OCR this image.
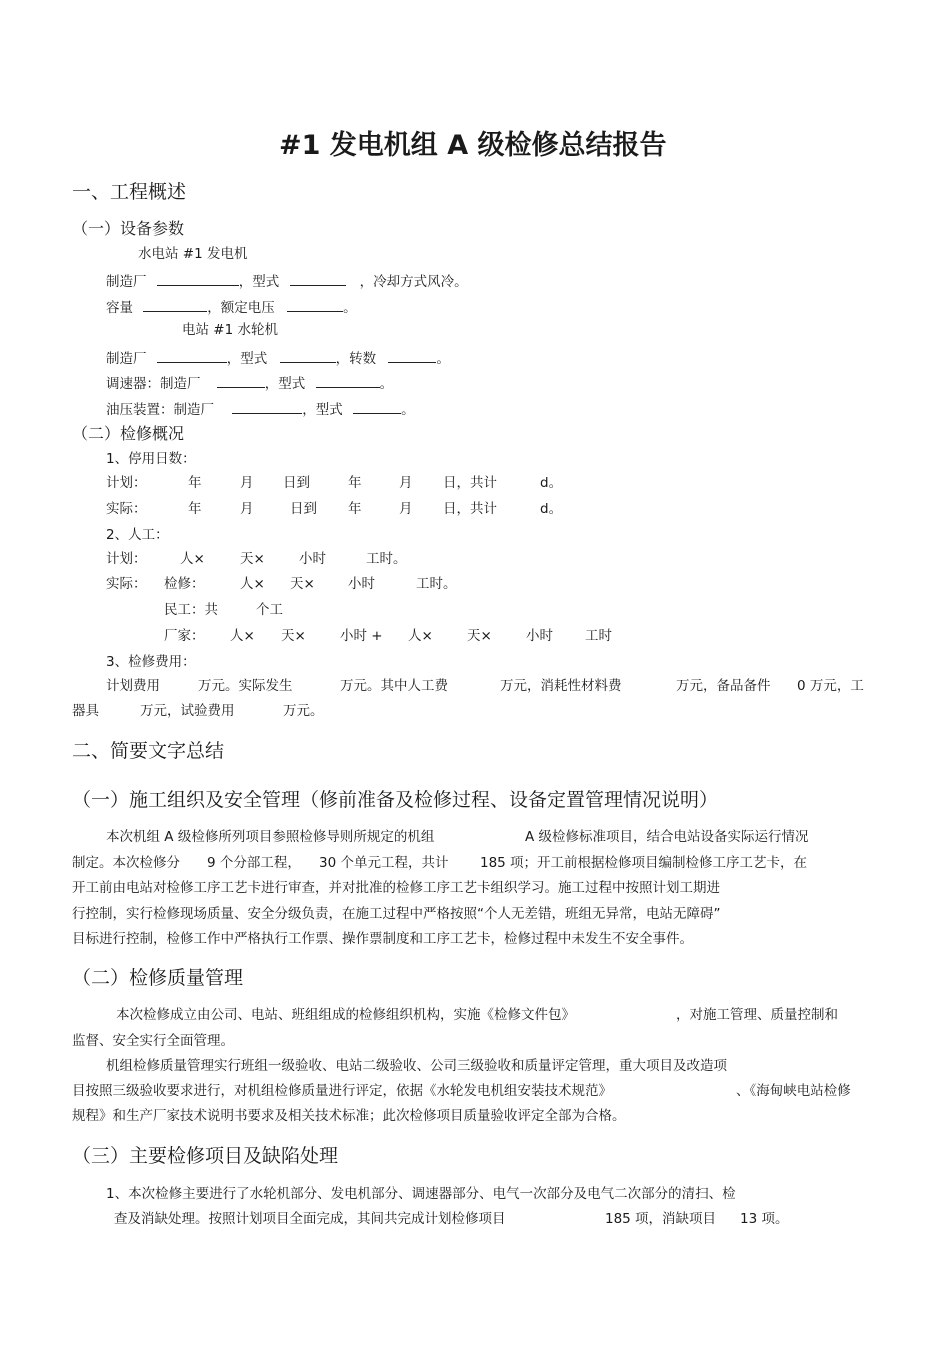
#1 发电机组 A 级检修总结报告
一、工程概述
（一）设备参数
水电站 #1 发电机
制造厂	，型式	，冷却方式风冷。
容量	，额定电压	。
电站 #1 水轮机
制造厂	，型式	，转数	。
调速器：制造厂	，型式	。
油压装置：制造厂	，型式	。
（二）检修概况
1、停用日数：
计划：	年	月 日到	年	月 日，共计	d。
实际：	年	月	日到 年	月 日，共计	d。
2、人工：
计划： 人×	天×	小时	工时。
实际： 检修：	人× 天× 小时	工时。
民工：共	个工
厂家： 人× 天×	小时 + 人×	天×	小时 工时
3、检修费用：
计划费用	万元。实际发生	万元。其中人工费	万元，消耗性材料费	万元，备品备件 0 万元，工
器具	万元，试验费用	万元。
二、简要文字总结
（一）施工组织及安全管理（修前准备及检修过程、设备定置管理情况说明）
本次机组 A 级检修所列项目参照检修导则所规定的机组	A 级检修标准项目，结合电站设备实际运行情况
制定。本次检修分 9 个分部工程， 30 个单元工程，共计 185 项；开工前根据检修项目编制检修工序工艺卡，在
开工前由电站对检修工序工艺卡进行审查，并对批准的检修工序工艺卡组织学习。施工过程中按照计划工期进
行控制，实行检修现场质量、安全分级负责，在施工过程中严格按照“个人无差错，班组无异常，电站无障碍”
目标进行控制，检修工作中严格执行工作票、操作票制度和工序工艺卡，检修过程中未发生不安全事件。
（二）检修质量管理
本次检修成立由公司、电站、班组组成的检修组织机构，实施《检修文件包》	，对施工管理、质量控制和
监督、安全实行全面管理。
机组检修质量管理实行班组一级验收、电站二级验收、公司三级验收和质量评定管理，重大项目及改造项
目按照三级验收要求进行，对机组检修质量进行评定，依据《水轮发电机组安装技术规范》	、《海甸峡电站检修
规程》和生产厂家技术说明书要求及相关技术标准；此次检修项目质量验收评定全部为合格。
（三）主要检修项目及缺陷处理
1、本次检修主要进行了水轮机部分、发电机部分、调速器部分、电气一次部分及电气二次部分的清扫、检
查及消缺处理。按照计划项目全面完成，其间共完成计划检修项目	185 项，消缺项目 13 项。
